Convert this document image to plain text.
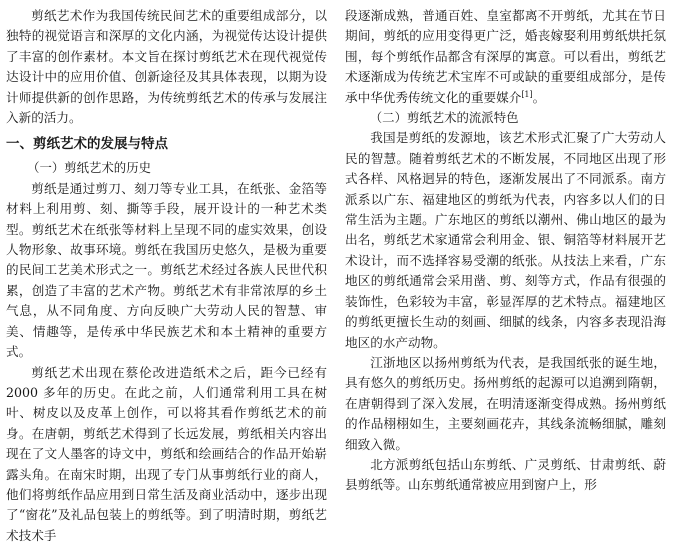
剪纸艺术作为我国传统民间艺术的重要组成部分，以独特的视觉语言和深厚的文化内涵，为视觉传达设计提供了丰富的创作素材。本文旨在探讨剪纸艺术在现代视觉传达设计中的应用价值、创新途径及其具体表现，以期为设计师提供新的创作思路，为传统剪纸艺术的传承与发展注入新的活力。

一、剪纸艺术的发展与特点
（一）剪纸艺术的历史

剪纸是通过剪刀、刻刀等专业工具，在纸张、金箔等材料上利用剪、刻、撕等手段，展开设计的一种艺术类型。剪纸艺术在纸张等材料上呈现不同的虚实效果，创设人物形象、故事环境。剪纸在我国历史悠久，是极为重要的民间工艺美术形式之一。剪纸艺术经过各族人民世代积累，创造了丰富的艺术产物。剪纸艺术有非常浓厚的乡土气息，从不同角度、方向反映广大劳动人民的智慧、审美、情趣等，是传承中华民族艺术和本土精神的重要方式。

剪纸艺术出现在蔡伦改进造纸术之后，距今已经有 2000 多年的历史。在此之前，人们通常利用工具在树叶、树皮以及皮革上创作，可以将其看作剪纸艺术的前身。在唐朝，剪纸艺术得到了长远发展，剪纸相关内容出现在了文人墨客的诗文中，剪纸和绘画结合的作品开始崭露头角。在南宋时期，出现了专门从事剪纸行业的商人，他们将剪纸作品应用到日常生活及商业活动中，逐步出现了“窗花”及礼品包装上的剪纸等。到了明清时期，剪纸艺术技术手

段逐渐成熟，普通百姓、皇室都离不开剪纸，尤其在节日期间，剪纸的应用变得更广泛，婚丧嫁娶利用剪纸烘托氛围，每个剪纸作品都含有深厚的寓意。可以看出，剪纸艺术逐渐成为传统艺术宝库不可或缺的重要组成部分，是传承中华优秀传统文化的重要媒介[1]。

（二）剪纸艺术的流派特色

我国是剪纸的发源地，该艺术形式汇聚了广大劳动人民的智慧。随着剪纸艺术的不断发展，不同地区出现了形式各样、风格迥异的特色，逐渐发展出了不同派系。南方派系以广东、福建地区的剪纸为代表，内容多以人们的日常生活为主题。广东地区的剪纸以潮州、佛山地区的最为出名，剪纸艺术家通常会利用金、银、铜箔等材料展开艺术设计，而不选择容易受潮的纸张。从技法上来看，广东地区的剪纸通常会采用凿、剪、刻等方式，作品有很强的装饰性，色彩较为丰富，彰显浑厚的艺术特点。福建地区的剪纸更擅长生动的刻画、细腻的线条，内容多表现沿海地区的水产动物。

江浙地区以扬州剪纸为代表，是我国纸张的诞生地，具有悠久的剪纸历史。扬州剪纸的起源可以追溯到隋朝，在唐朝得到了深入发展，在明清逐渐变得成熟。扬州剪纸的作品栩栩如生，主要刻画花卉，其线条流畅细腻，雕刻细致入微。

北方派剪纸包括山东剪纸、广灵剪纸、甘肃剪纸、蔚县剪纸等。山东剪纸通常被应用到窗户上，形
